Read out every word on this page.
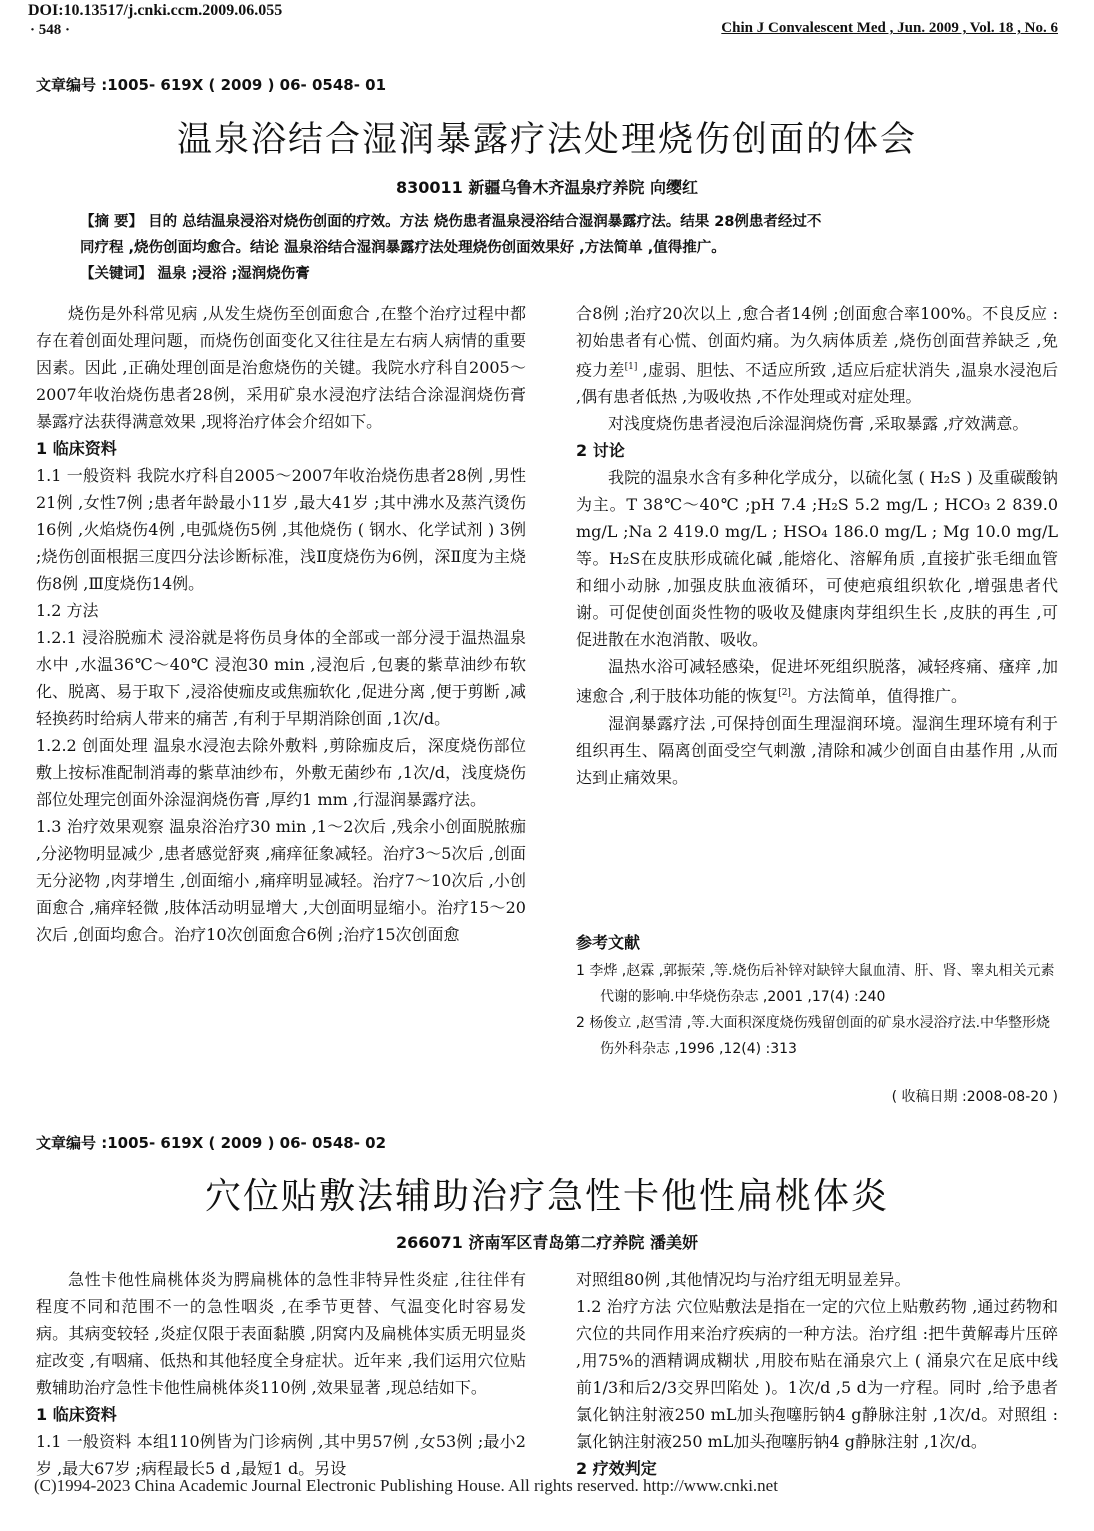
DOI:10.13517/j.cnki.ccm.2009.06.055
· 548 ·	Chin J Convalescent Med , Jun. 2009 , Vol. 18 , No. 6
文章编号 :1005- 619X ( 2009 ) 06- 0548- 01
温泉浴结合湿润暴露疗法处理烧伤创面的体会
830011 新疆乌鲁木齐温泉疗养院 向缨红

【摘 要】 目的 总结温泉浸浴对烧伤创面的疗效。方法 烧伤患者温泉浸浴结合湿润暴露疗法。结果 28例患者经过不

同疗程 ,烧伤创面均愈合。结论 温泉浴结合湿润暴露疗法处理烧伤创面效果好 ,方法简单 ,值得推广。

【关键词】 温泉 ;浸浴 ;湿润烧伤膏

烧伤是外科常见病 ,从发生烧伤至创面愈合 ,在整个治疗过程中都存在着创面处理问题，而烧伤创面变化又往往是左右病人病情的重要因素。因此 ,正确处理创面是治愈烧伤的关键。我院水疗科自2005～2007年收治烧伤患者28例，采用矿泉水浸泡疗法结合涂湿润烧伤膏暴露疗法获得满意效果 ,现将治疗体会介绍如下。

1 临床资料

1.1 一般资料 我院水疗科自2005～2007年收治烧伤患者28例 ,男性21例 ,女性7例 ;患者年龄最小11岁 ,最大41岁 ;其中沸水及蒸汽烫伤16例 ,火焰烧伤4例 ,电弧烧伤5例 ,其他烧伤 ( 钢水、化学试剂 ) 3例 ;烧伤创面根据三度四分法诊断标准，浅Ⅱ度烧伤为6例，深Ⅱ度为主烧伤8例 ,Ⅲ度烧伤14例。

1.2 方法

1.2.1 浸浴脱痂术 浸浴就是将伤员身体的全部或一部分浸于温热温泉水中 ,水温36℃～40℃ 浸泡30 min ,浸泡后 ,包裹的紫草油纱布软化、脱离、易于取下 ,浸浴使痂皮或焦痂软化 ,促进分离 ,便于剪断 ,减轻换药时给病人带来的痛苦 ,有利于早期消除创面 ,1次/d。

1.2.2 创面处理 温泉水浸泡去除外敷料 ,剪除痂皮后，深度烧伤部位敷上按标准配制消毒的紫草油纱布，外敷无菌纱布 ,1次/d，浅度烧伤部位处理完创面外涂湿润烧伤膏 ,厚约1 mm ,行湿润暴露疗法。

1.3 治疗效果观察 温泉浴治疗30 min ,1～2次后 ,残余小创面脱脓痂 ,分泌物明显减少 ,患者感觉舒爽 ,痛痒征象减轻。治疗3～5次后 ,创面无分泌物 ,肉芽增生 ,创面缩小 ,痛痒明显减轻。治疗7～10次后 ,小创面愈合 ,痛痒轻微 ,肢体活动明显增大 ,大创面明显缩小。治疗15～20次后 ,创面均愈合。治疗10次创面愈合6例 ;治疗15次创面愈

合8例 ;治疗20次以上 ,愈合者14例 ;创面愈合率100%。不良反应 :初始患者有心慌、创面灼痛。为久病体质差 ,烧伤创面营养缺乏 ,免疫力差[1] ,虚弱、胆怯、不适应所致 ,适应后症状消失 ,温泉水浸泡后 ,偶有患者低热 ,为吸收热 ,不作处理或对症处理。

对浅度烧伤患者浸泡后涂湿润烧伤膏 ,采取暴露 ,疗效满意。

2 讨论

我院的温泉水含有多种化学成分，以硫化氢 ( H₂S ) 及重碳酸钠为主。T 38℃～40℃ ;pH 7.4 ;H₂S 5.2 mg/L ; HCO₃ 2 839.0 mg/L ;Na 2 419.0 mg/L ; HSO₄ 186.0 mg/L ; Mg 10.0 mg/L等。H₂S在皮肤形成硫化碱 ,能熔化、溶解角质 ,直接扩张毛细血管和细小动脉 ,加强皮肤血液循环，可使疤痕组织软化 ,增强患者代谢。可促使创面炎性物的吸收及健康肉芽组织生长 ,皮肤的再生 ,可促进散在水泡消散、吸收。

温热水浴可减轻感染，促进坏死组织脱落，减轻疼痛、瘙痒 ,加速愈合 ,利于肢体功能的恢复[2]。方法简单，值得推广。

湿润暴露疗法 ,可保持创面生理湿润环境。湿润生理环境有利于组织再生、隔离创面受空气刺激 ,清除和减少创面自由基作用 ,从而达到止痛效果。

参考文献

1 李烨 ,赵霖 ,郭振荣 ,等.烧伤后补锌对缺锌大鼠血清、肝、肾、睾丸相关元素代谢的影响.中华烧伤杂志 ,2001 ,17(4) :240

2 杨俊立 ,赵雪清 ,等.大面积深度烧伤残留创面的矿泉水浸浴疗法.中华整形烧伤外科杂志 ,1996 ,12(4) :313

( 收稿日期 :2008-08-20 )
文章编号 :1005- 619X ( 2009 ) 06- 0548- 02
穴位贴敷法辅助治疗急性卡他性扁桃体炎
266071 济南军区青岛第二疗养院 潘美妍

急性卡他性扁桃体炎为腭扁桃体的急性非特异性炎症 ,往往伴有程度不同和范围不一的急性咽炎 ,在季节更替、气温变化时容易发病。其病变较轻 ,炎症仅限于表面黏膜 ,阴窝内及扁桃体实质无明显炎症改变 ,有咽痛、低热和其他轻度全身症状。近年来 ,我们运用穴位贴敷辅助治疗急性卡他性扁桃体炎110例 ,效果显著 ,现总结如下。

1 临床资料

1.1 一般资料 本组110例皆为门诊病例 ,其中男57例 ,女53例 ;最小2岁 ,最大67岁 ;病程最长5 d ,最短1 d。另设

对照组80例 ,其他情况均与治疗组无明显差异。

1.2 治疗方法 穴位贴敷法是指在一定的穴位上贴敷药物 ,通过药物和穴位的共同作用来治疗疾病的一种方法。治疗组 :把牛黄解毒片压碎 ,用75%的酒精调成糊状 ,用胶布贴在涌泉穴上 ( 涌泉穴在足底中线前1/3和后2/3交界凹陷处 )。1次/d ,5 d为一疗程。同时 ,给予患者氯化钠注射液250 mL加头孢噻肟钠4 g静脉注射 ,1次/d。对照组 :氯化钠注射液250 mL加头孢噻肟钠4 g静脉注射 ,1次/d。

2 疗效判定

(C)1994-2023 China Academic Journal Electronic Publishing House. All rights reserved. http://www.cnki.net
